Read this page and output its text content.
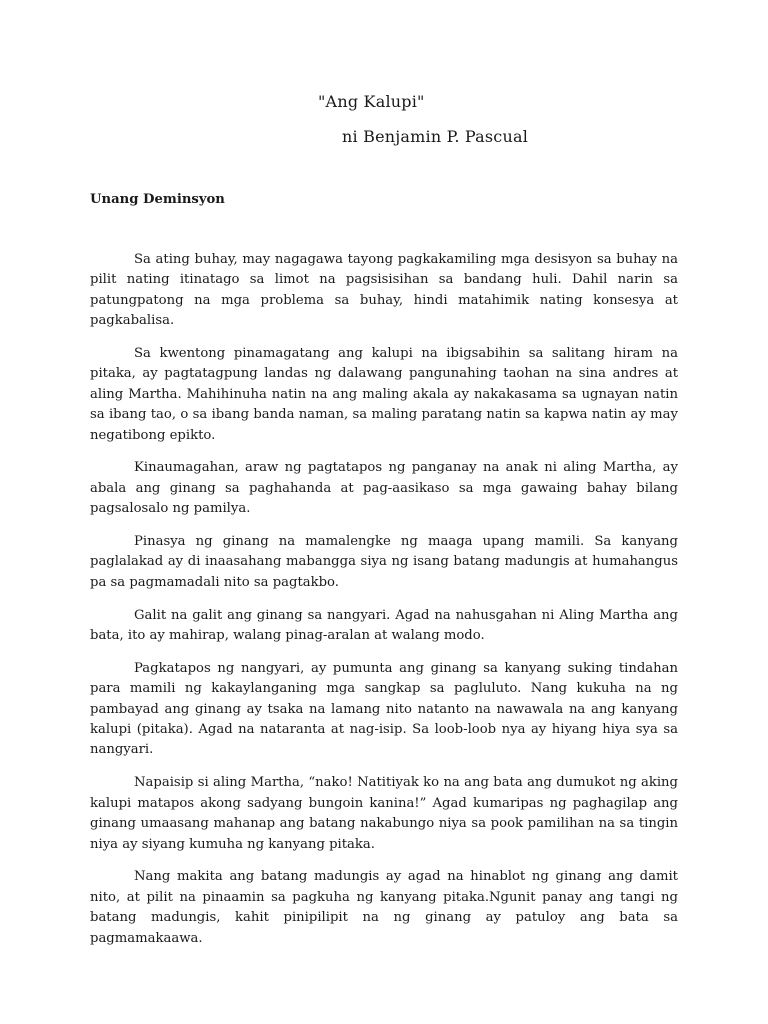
"Ang Kalupi"
ni Benjamin P. Pascual
Unang Deminsyon

Sa ating buhay, may nagagawa tayong pagkakamiling mga desisyon sa buhay na pilit nating itinatago sa limot na pagsisisihan sa bandang huli. Dahil narin sa patungpatong na mga problema sa buhay, hindi matahimik nating konsesya at pagkabalisa.

Sa kwentong pinamagatang ang kalupi na ibigsabihin sa salitang hiram na pitaka, ay pagtatagpung landas ng dalawang pangunahing taohan na sina andres at aling Martha. Mahihinuha natin na ang maling akala ay nakakasama sa ugnayan natin sa ibang tao, o sa ibang banda naman, sa maling paratang natin sa kapwa natin ay may negatibong epikto.

Kinaumagahan, araw ng pagtatapos ng panganay na anak ni aling Martha, ay abala ang ginang sa paghahanda at pag-aasikaso sa mga gawaing bahay bilang pagsalosalo ng pamilya.

Pinasya ng ginang na mamalengke ng maaga upang mamili. Sa kanyang paglalakad ay di inaasahang mabangga siya ng isang batang madungis at humahangus pa sa pagmamadali nito sa pagtakbo.

Galit na galit ang ginang sa nangyari. Agad na nahusgahan ni Aling Martha ang bata, ito ay mahirap, walang pinag-aralan at walang modo.

Pagkatapos ng nangyari, ay pumunta ang ginang sa kanyang suking tindahan para mamili ng kakaylanganing mga sangkap sa pagluluto. Nang kukuha na ng pambayad ang ginang ay tsaka na lamang nito natanto na nawawala na ang kanyang kalupi (pitaka). Agad na nataranta at nag-isip. Sa loob-loob nya ay hiyang hiya sya sa nangyari.

Napaisip si aling Martha, “nako! Natitiyak ko na ang bata ang dumukot ng aking kalupi matapos akong sadyang bungoin kanina!” Agad kumaripas ng paghagilap ang ginang umaasang mahanap ang batang nakabungo niya sa pook pamilihan na sa tingin niya ay siyang kumuha ng kanyang pitaka.

Nang makita ang batang madungis ay agad na hinablot ng ginang ang damit nito, at pilit na pinaamin sa pagkuha ng kanyang pitaka.Ngunit panay ang tangi ng batang madungis, kahit pinipilipit na ng ginang ay patuloy ang bata sa pagmamakaawa.
